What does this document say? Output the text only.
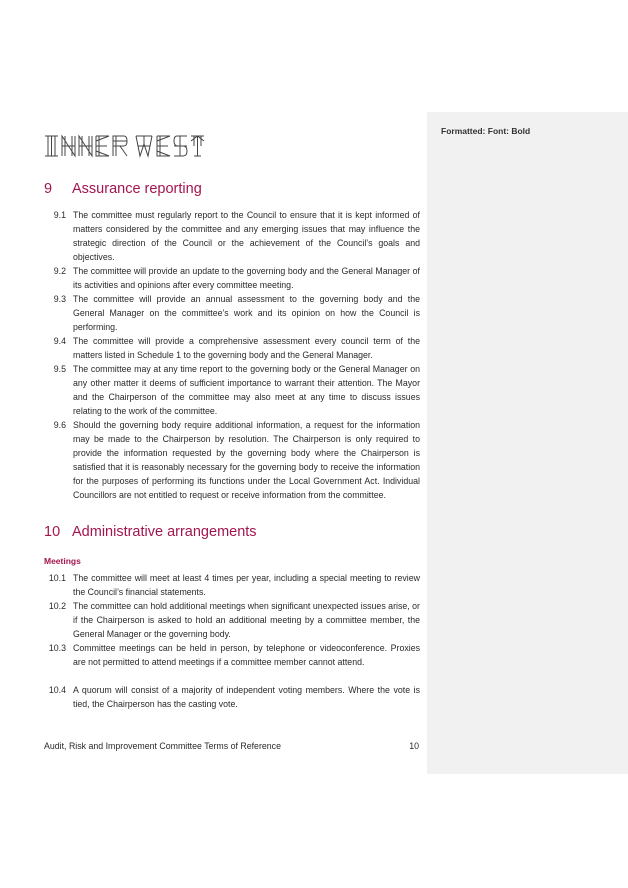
Formatted: Font: Bold
9 Assurance reporting
9.1 The committee must regularly report to the Council to ensure that it is kept informed of matters considered by the committee and any emerging issues that may influence the strategic direction of the Council or the achievement of the Council’s goals and objectives.

9.2 The committee will provide an update to the governing body and the General Manager of its activities and opinions after every committee meeting.

9.3 The committee will provide an annual assessment to the governing body and the General Manager on the committee’s work and its opinion on how the Council is performing.

9.4 The committee will provide a comprehensive assessment every council term of the matters listed in Schedule 1 to the governing body and the General Manager.

9.5 The committee may at any time report to the governing body or the General Manager on any other matter it deems of sufficient importance to warrant their attention. The Mayor and the Chairperson of the committee may also meet at any time to discuss issues relating to the work of the committee.

9.6 Should the governing body require additional information, a request for the information may be made to the Chairperson by resolution. The Chairperson is only required to provide the information requested by the governing body where the Chairperson is satisfied that it is reasonably necessary for the governing body to receive the information for the purposes of performing its functions under the Local Government Act. Individual Councillors are not entitled to request or receive information from the committee.

10 Administrative arrangements
Meetings
10.1 The committee will meet at least 4 times per year, including a special meeting to review the Council’s financial statements.

10.2 The committee can hold additional meetings when significant unexpected issues arise, or if the Chairperson is asked to hold an additional meeting by a committee member, the General Manager or the governing body.

10.3 Committee meetings can be held in person, by telephone or videoconference. Proxies are not permitted to attend meetings if a committee member cannot attend.

10.4 A quorum will consist of a majority of independent voting members. Where the vote is tied, the Chairperson has the casting vote.

Audit, Risk and Improvement Committee Terms of Reference	10
